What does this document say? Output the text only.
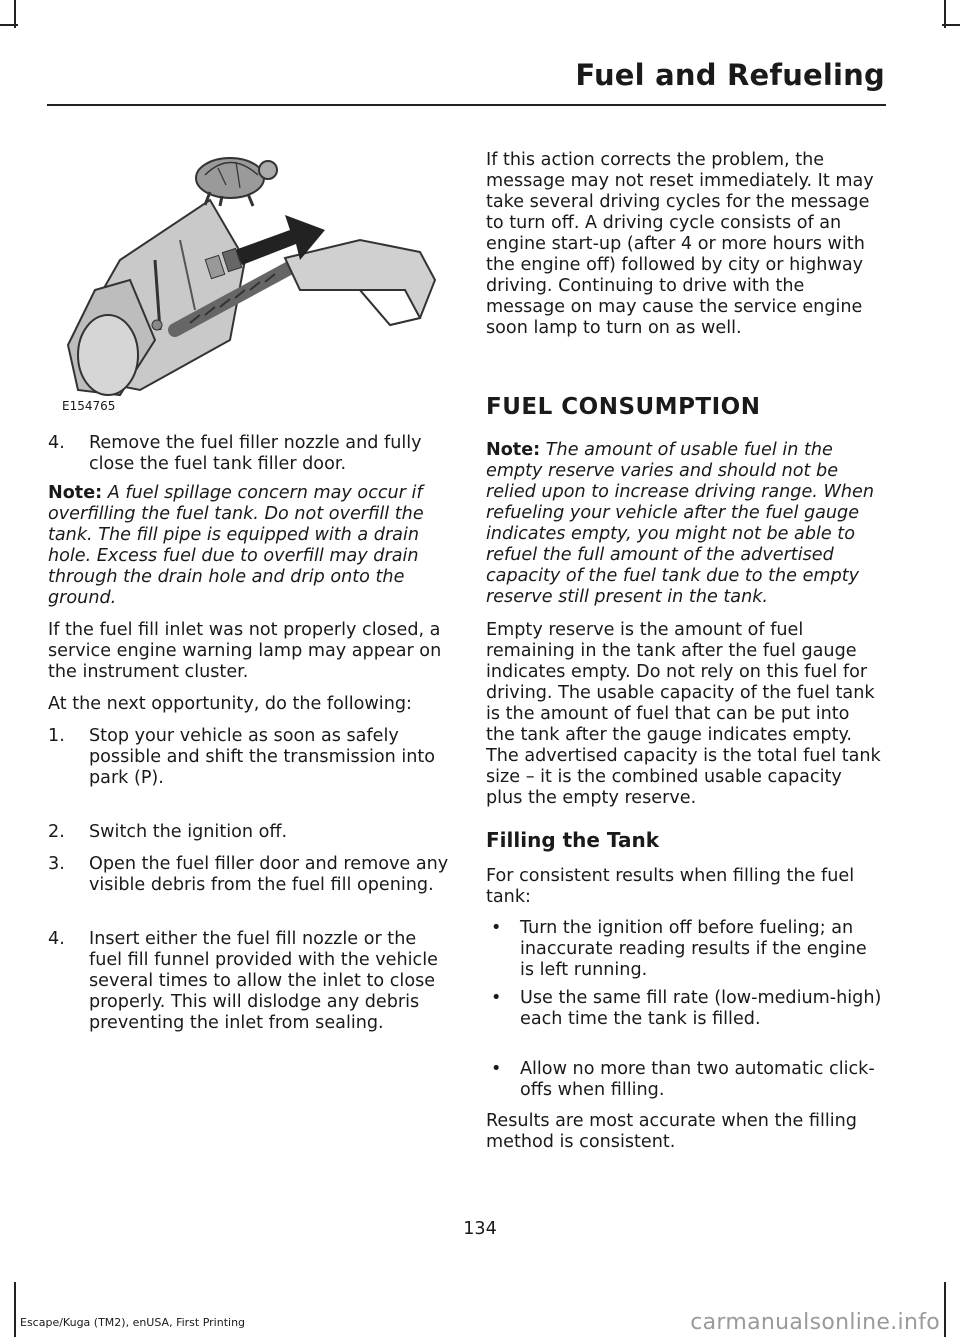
Fuel and Refueling
E154765
4. Remove the fuel filler nozzle and fully close the fuel tank filler door.

Note: A fuel spillage concern may occur if overfilling the fuel tank. Do not overfill the tank. The fill pipe is equipped with a drain hole. Excess fuel due to overfill may drain through the drain hole and drip onto the ground.

If the fuel fill inlet was not properly closed, a service engine warning lamp may appear on the instrument cluster.

At the next opportunity, do the following:

1. Stop your vehicle as soon as safely possible and shift the transmission into park (P).
2. Switch the ignition off.
3. Open the fuel filler door and remove any visible debris from the fuel fill opening.
4. Insert either the fuel fill nozzle or the fuel fill funnel provided with the vehicle several times to allow the inlet to close properly. This will dislodge any debris preventing the inlet from sealing.

If this action corrects the problem, the message may not reset immediately. It may take several driving cycles for the message to turn off. A driving cycle consists of an engine start-up (after 4 or more hours with the engine off) followed by city or highway driving. Continuing to drive with the message on may cause the service engine soon lamp to turn on as well.

FUEL CONSUMPTION

Note: The amount of usable fuel in the empty reserve varies and should not be relied upon to increase driving range. When refueling your vehicle after the fuel gauge indicates empty, you might not be able to refuel the full amount of the advertised capacity of the fuel tank due to the empty reserve still present in the tank.

Empty reserve is the amount of fuel remaining in the tank after the fuel gauge indicates empty. Do not rely on this fuel for driving. The usable capacity of the fuel tank is the amount of fuel that can be put into the tank after the gauge indicates empty. The advertised capacity is the total fuel tank size – it is the combined usable capacity plus the empty reserve.

Filling the Tank

For consistent results when filling the fuel tank:

• Turn the ignition off before fueling; an inaccurate reading results if the engine is left running.
• Use the same fill rate (low-medium-high) each time the tank is filled.
• Allow no more than two automatic click-offs when filling.

Results are most accurate when the filling method is consistent.

134
Escape/Kuga (TM2), enUSA, First Printing	carmanualsonline.info
